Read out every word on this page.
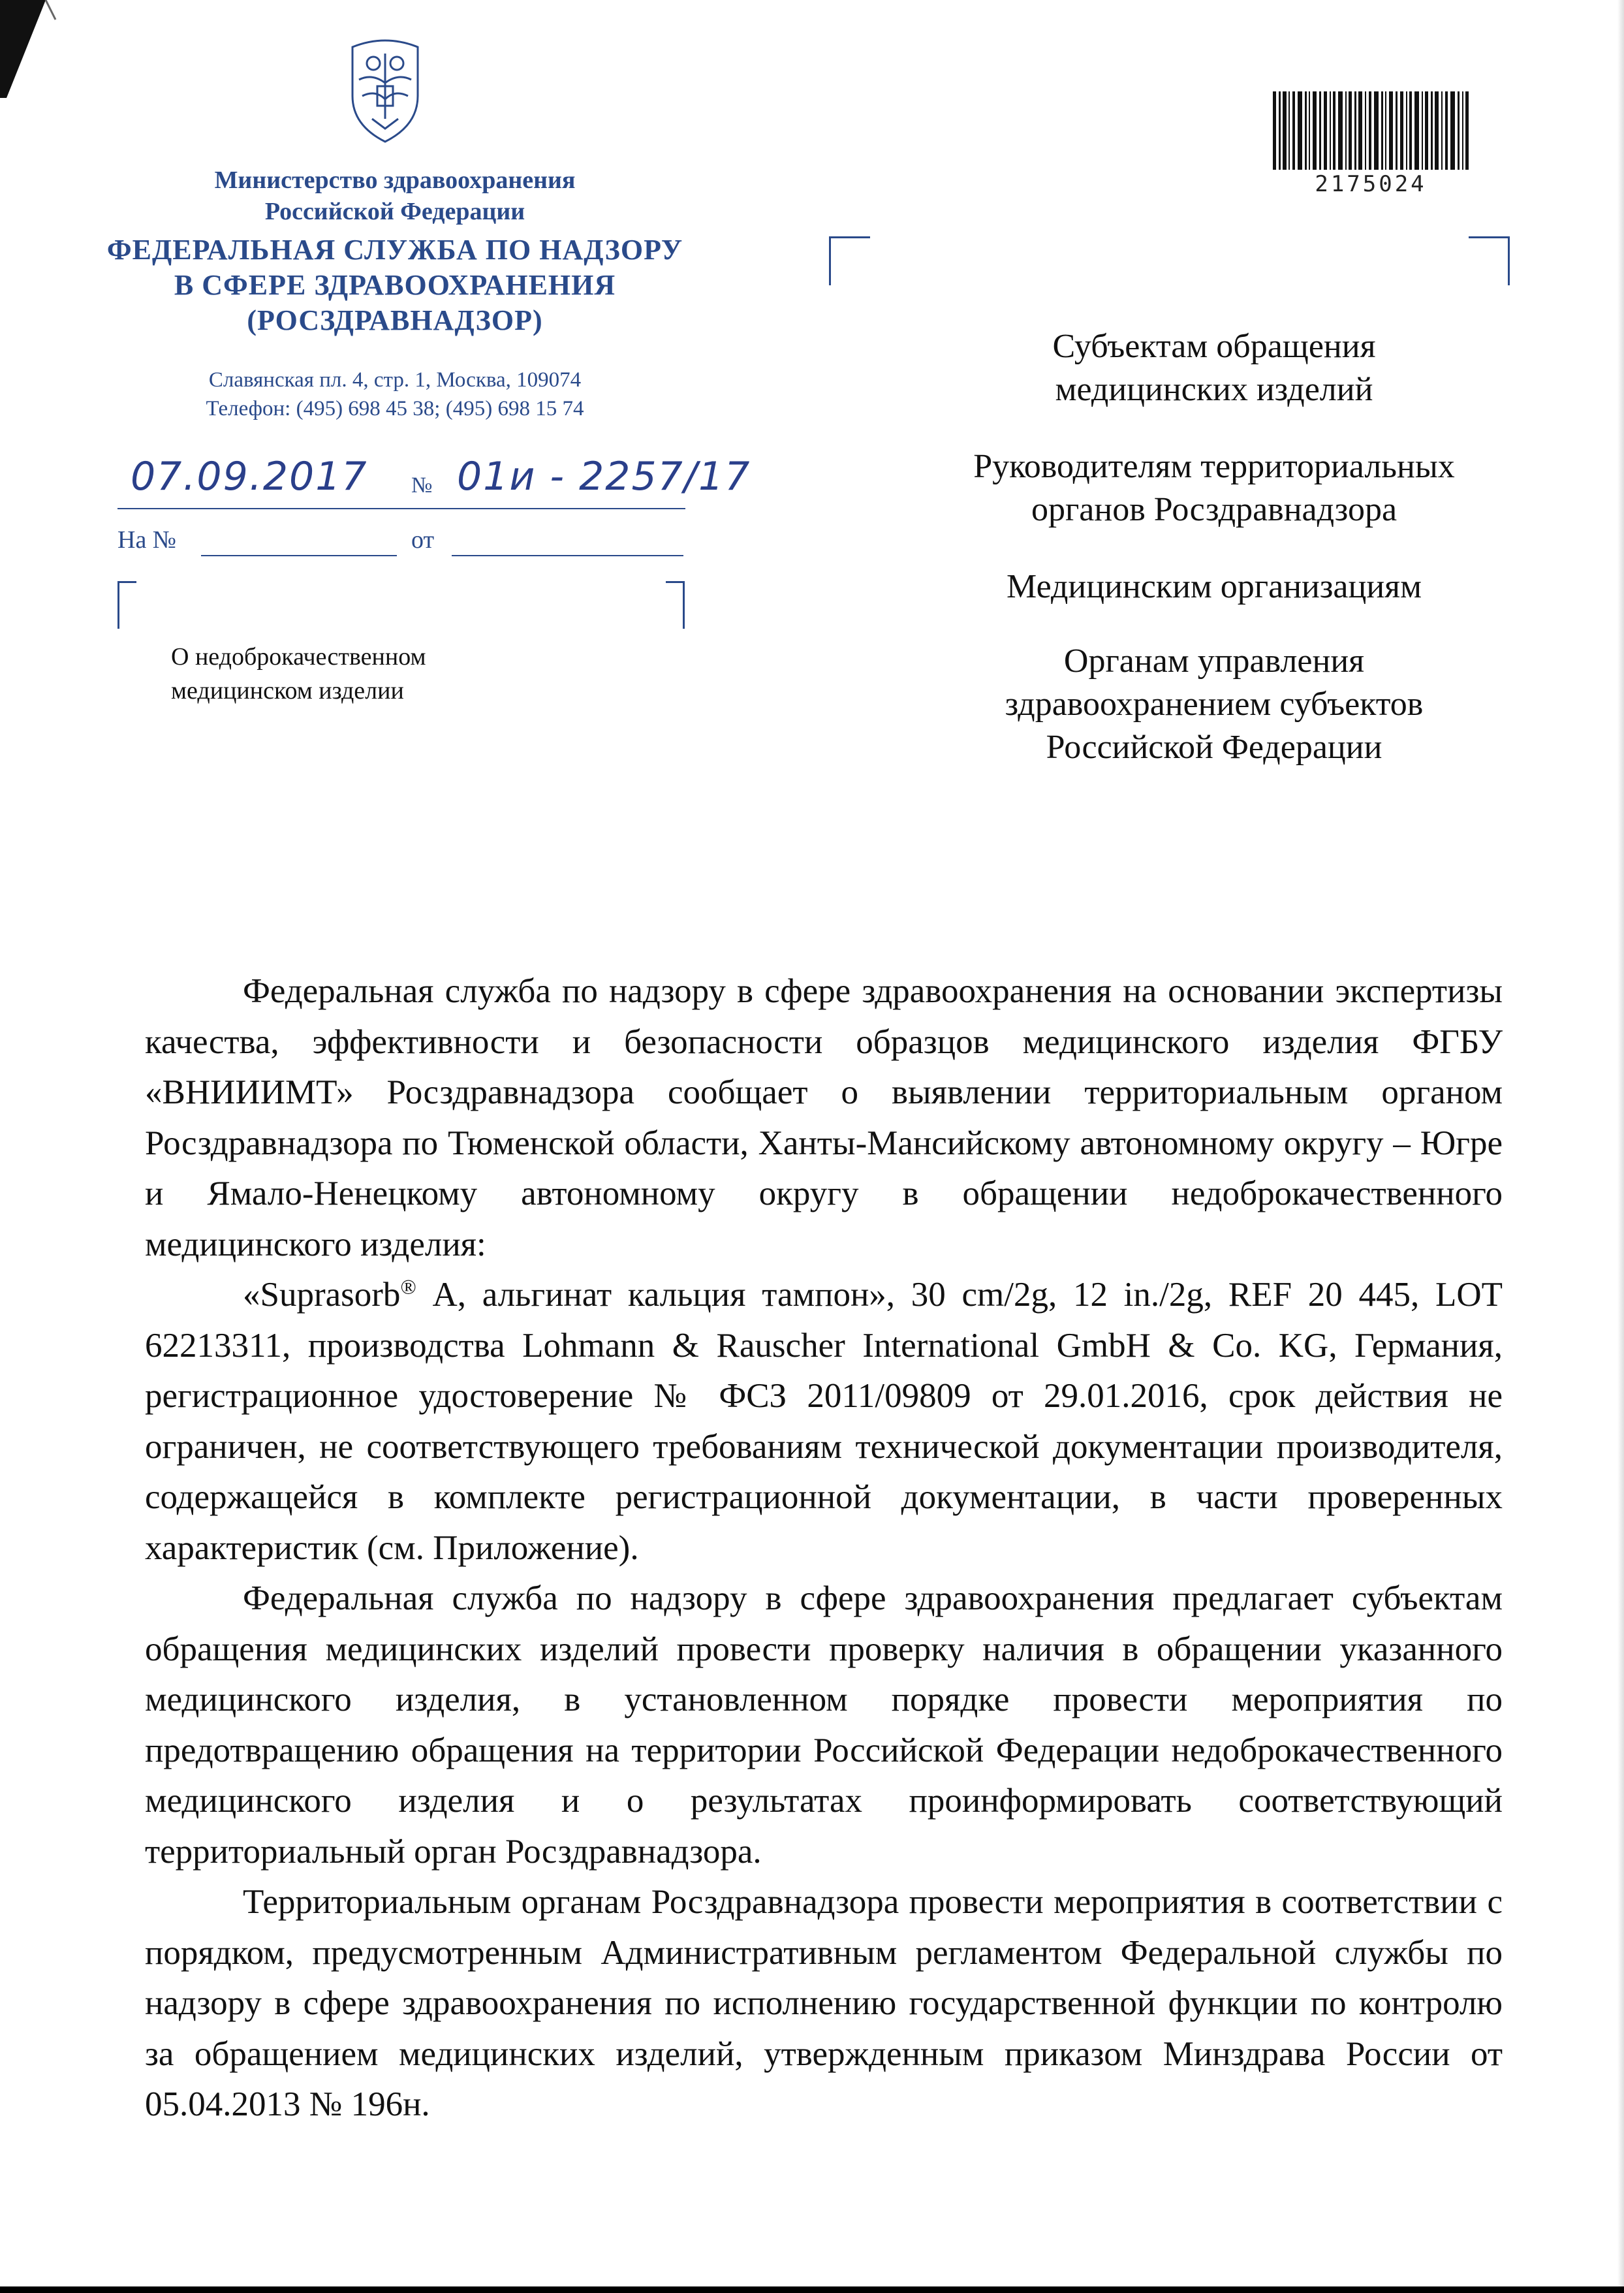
Министерство здравоохранения
Российской Федерации
ФЕДЕРАЛЬНАЯ СЛУЖБА ПО НАДЗОРУ
В СФЕРЕ ЗДРАВООХРАНЕНИЯ
(РОСЗДРАВНАДЗОР)
Славянская пл. 4, стр. 1, Москва, 109074
Телефон: (495) 698 45 38; (495) 698 15 74
07.09.2017 № 01и - 2257/17
На №	от
О недоброкачественном
медицинском изделии
2175024
Субъектам обращения
медицинских изделий
Руководителям территориальных
органов Росздравнадзора
Медицинским организациям
Органам управления
здравоохранением субъектов
Российской Федерации

Федеральная служба по надзору в сфере здравоохранения на основании экспертизы качества, эффективности и безопасности образцов медицинского изделия ФГБУ «ВНИИИМТ» Росздравнадзора сообщает о выявлении территориальным органом Росздравнадзора по Тюменской области, Ханты-Мансийскому автономному округу – Югре и Ямало-Ненецкому автономному округу в обращении недоброкачественного медицинского изделия:

«Suprasorb® А, альгинат кальция тампон», 30 cm/2g, 12 in./2g, REF 20 445, LOT 62213311, производства Lohmann & Rauscher International GmbH & Co. KG, Германия, регистрационное удостоверение № ФСЗ 2011/09809 от 29.01.2016, срок действия не ограничен, не соответствующего требованиям технической документации производителя, содержащейся в комплекте регистрационной документации, в части проверенных характеристик (см. Приложение).

Федеральная служба по надзору в сфере здравоохранения предлагает субъектам обращения медицинских изделий провести проверку наличия в обращении указанного медицинского изделия, в установленном порядке провести мероприятия по предотвращению обращения на территории Российской Федерации недоброкачественного медицинского изделия и о результатах проинформировать соответствующий территориальный орган Росздравнадзора.

Территориальным органам Росздравнадзора провести мероприятия в соответствии с порядком, предусмотренным Административным регламентом Федеральной службы по надзору в сфере здравоохранения по исполнению государственной функции по контролю за обращением медицинских изделий, утвержденным приказом Минздрава России от 05.04.2013 № 196н.
